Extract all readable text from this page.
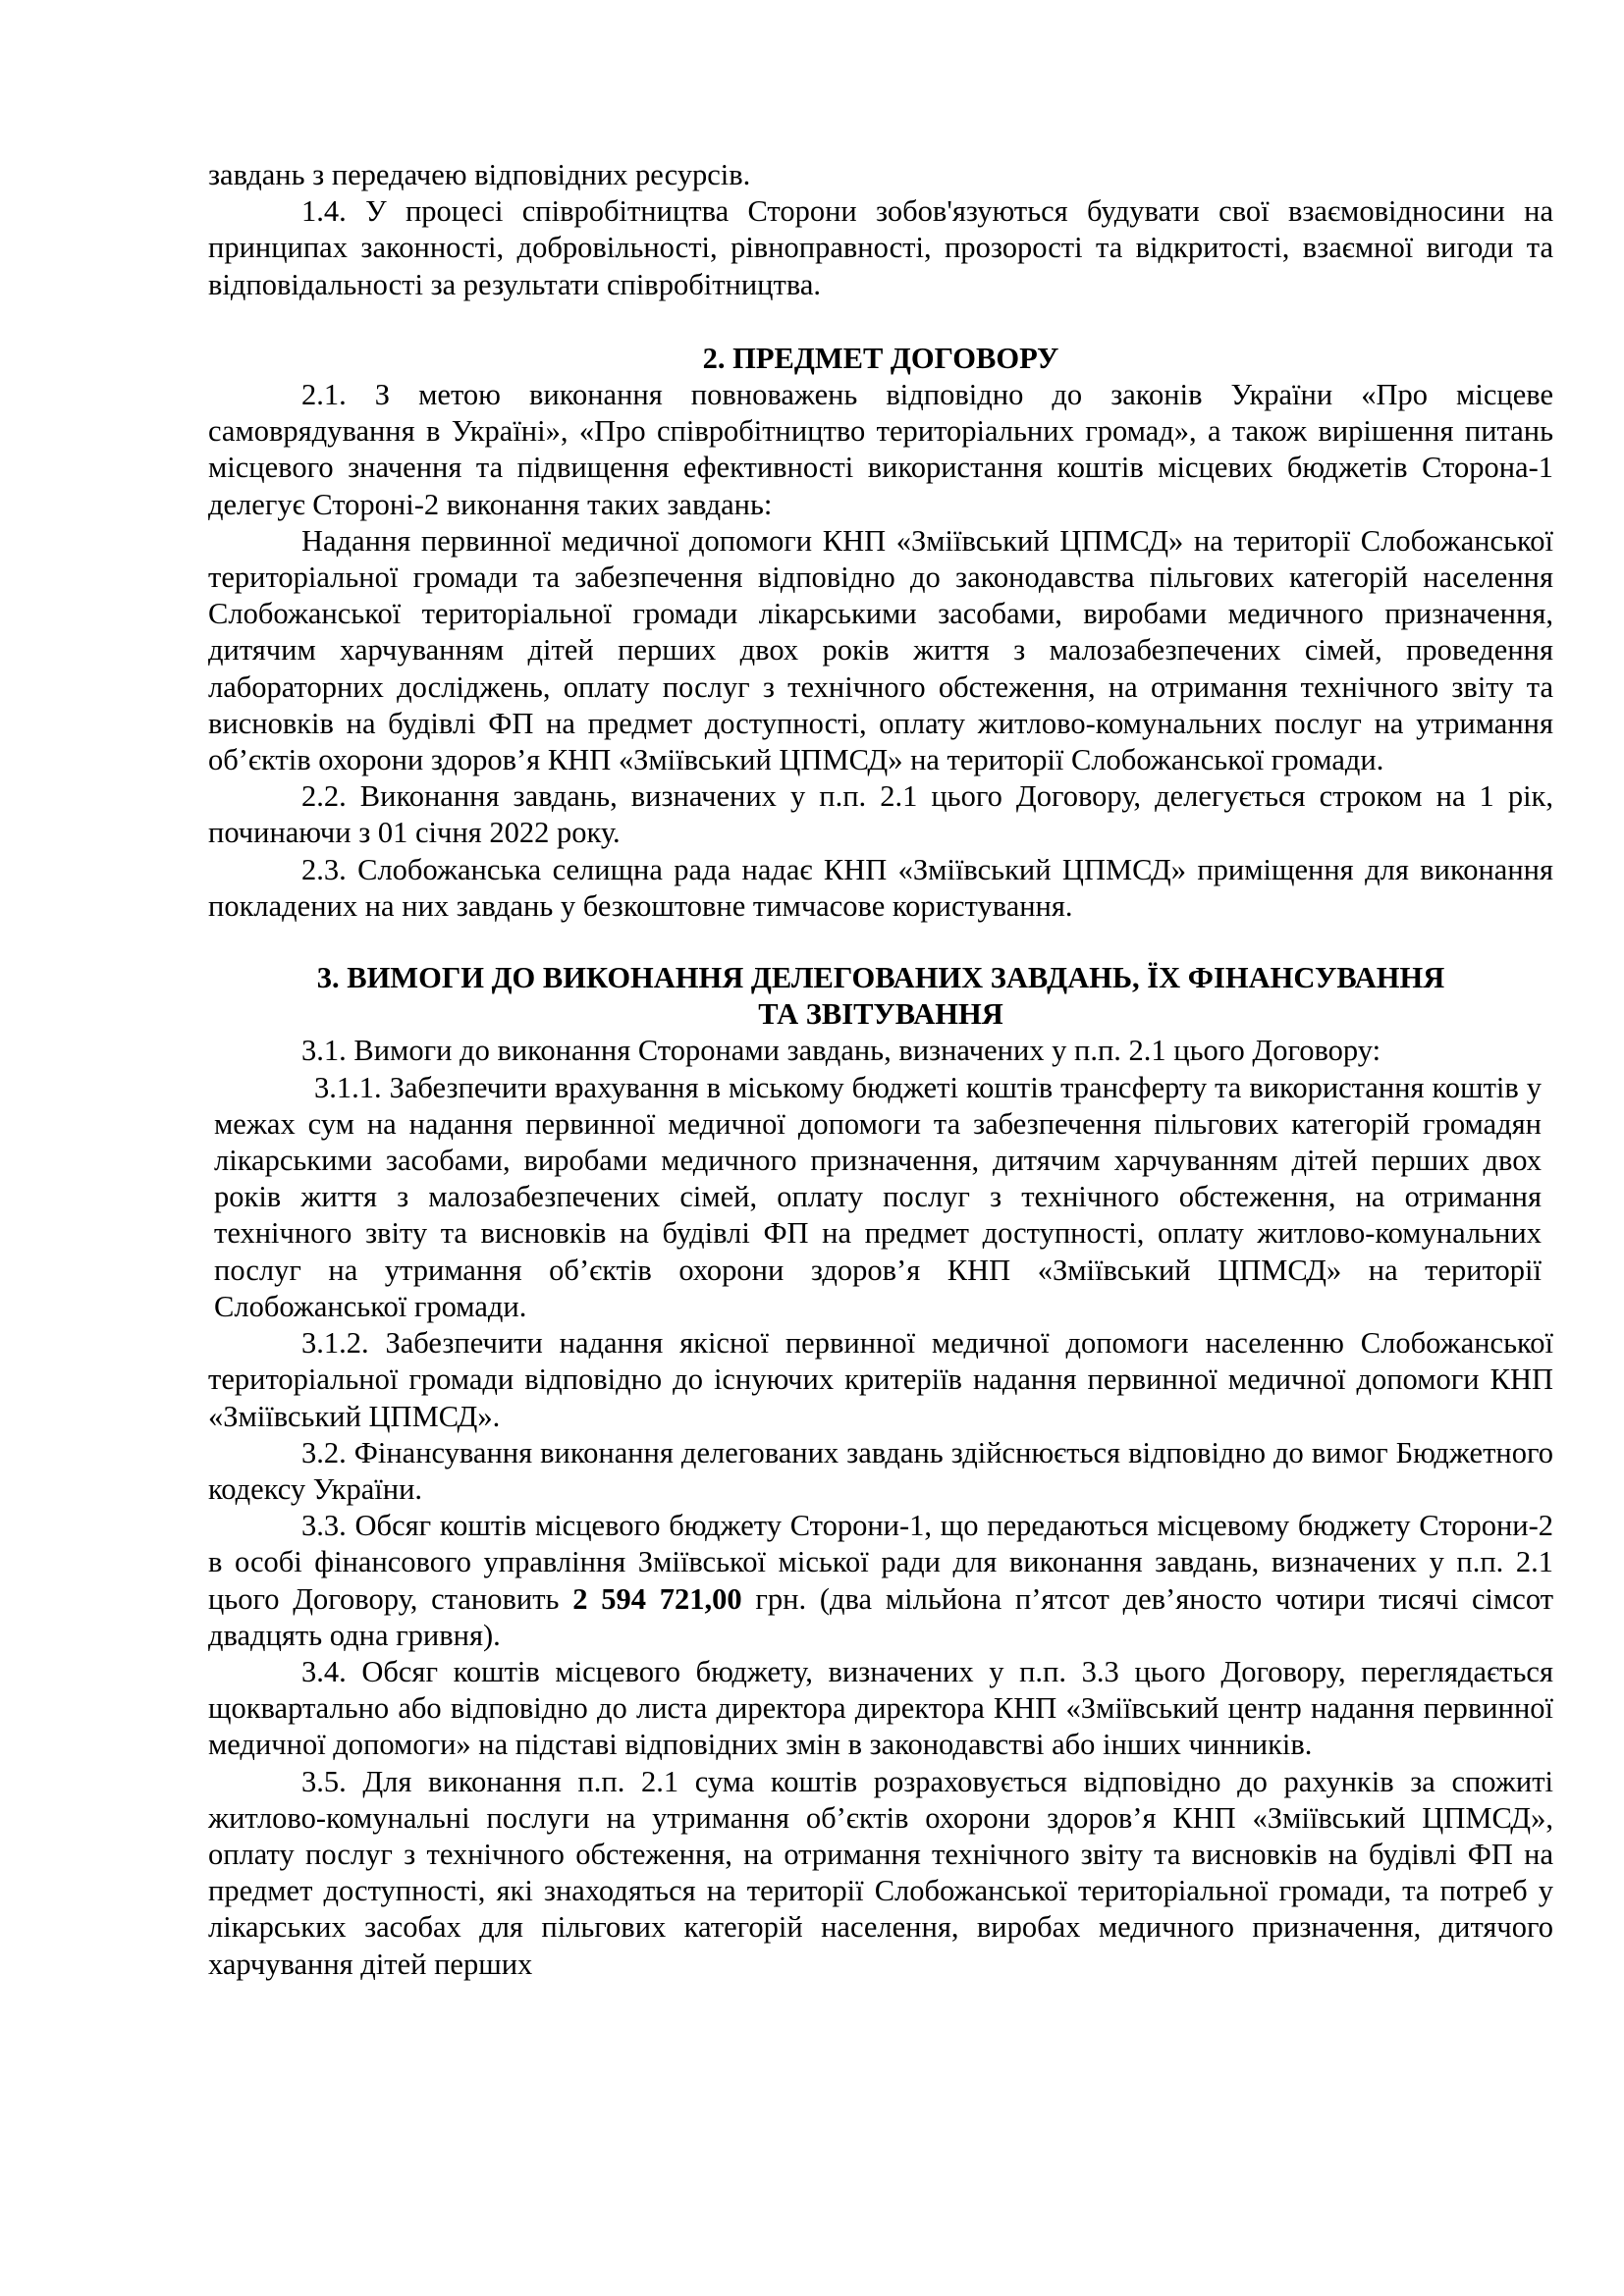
завдань з передачею відповідних ресурсів.

1.4. У процесі співробітництва Сторони зобов'язуються будувати свої взаємовідносини на принципах законності, добровільності, рівноправності, прозорості та відкритості, взаємної вигоди та відповідальності за результати співробітництва.

2. ПРЕДМЕТ ДОГОВОРУ

2.1. З метою виконання повноважень відповідно до законів України «Про місцеве самоврядування в Україні», «Про співробітництво територіальних громад», а також вирішення питань місцевого значення та підвищення ефективності використання коштів місцевих бюджетів Сторона-1 делегує Стороні-2 виконання таких завдань:

Надання первинної медичної допомоги КНП «Зміївський ЦПМСД» на території Слобожанської територіальної громади та забезпечення відповідно до законодавства пільгових категорій населення Слобожанської територіальної громади лікарськими засобами, виробами медичного призначення, дитячим харчуванням дітей перших двох років життя з малозабезпечених сімей, проведення лабораторних досліджень, оплату послуг з технічного обстеження, на отримання технічного звіту та висновків на будівлі ФП на предмет доступності, оплату житлово-комунальних послуг на утримання об’єктів охорони здоров’я КНП «Зміївський ЦПМСД» на території Слобожанської громади.

2.2. Виконання завдань, визначених у п.п. 2.1 цього Договору, делегується строком на 1 рік, починаючи з 01 січня 2022 року.

2.3. Слобожанська селищна рада надає КНП «Зміївський ЦПМСД» приміщення для виконання покладених на них завдань у безкоштовне тимчасове користування.

3. ВИМОГИ ДО ВИКОНАННЯ ДЕЛЕГОВАНИХ ЗАВДАНЬ, ЇХ ФІНАНСУВАННЯ
ТА ЗВІТУВАННЯ

3.1. Вимоги до виконання Сторонами завдань, визначених у п.п. 2.1 цього Договору:

3.1.1. Забезпечити врахування в міському бюджеті коштів трансферту та використання коштів у межах сум на надання первинної медичної допомоги та забезпечення пільгових категорій громадян лікарськими засобами, виробами медичного призначення, дитячим харчуванням дітей перших двох років життя з малозабезпечених сімей, оплату послуг з технічного обстеження, на отримання технічного звіту та висновків на будівлі ФП на предмет доступності, оплату житлово-комунальних послуг на утримання об’єктів охорони здоров’я КНП «Зміївський ЦПМСД» на території Слобожанської громади.

3.1.2. Забезпечити надання якісної первинної медичної допомоги населенню Слобожанської територіальної громади відповідно до існуючих критеріїв надання первинної медичної допомоги КНП «Зміївський ЦПМСД».

3.2. Фінансування виконання делегованих завдань здійснюється відповідно до вимог Бюджетного кодексу України.

3.3. Обсяг коштів місцевого бюджету Сторони-1, що передаються місцевому бюджету Сторони-2 в особі фінансового управління Зміївської міської ради для виконання завдань, визначених у п.п. 2.1 цього Договору, становить 2 594 721,00 грн. (два мільйона п’ятсот дев’яносто чотири тисячі сімсот двадцять одна гривня).

3.4. Обсяг коштів місцевого бюджету, визначених у п.п. 3.3 цього Договору, переглядається щоквартально або відповідно до листа директора директора КНП «Зміївський центр надання первинної медичної допомоги» на підставі відповідних змін в законодавстві або інших чинників.

3.5. Для виконання п.п. 2.1 сума коштів розраховується відповідно до рахунків за спожиті житлово-комунальні послуги на утримання об’єктів охорони здоров’я КНП «Зміївський ЦПМСД», оплату послуг з технічного обстеження, на отримання технічного звіту та висновків на будівлі ФП на предмет доступності, які знаходяться на території Слобожанської територіальної громади, та потреб у лікарських засобах для пільгових категорій населення, виробах медичного призначення, дитячого харчування дітей перших
